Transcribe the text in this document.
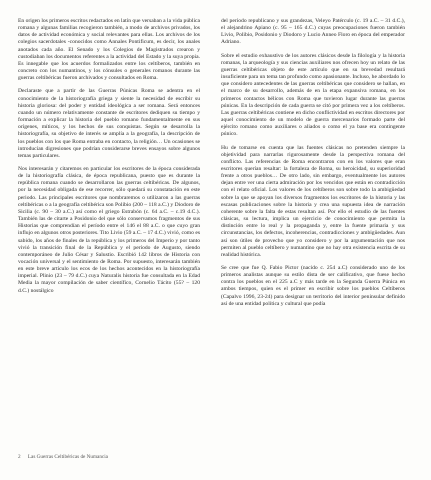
En origen los primeros escritos redactados en latín que versaban a la vida pública romana y algunas familias recogieron también, a modo de archivos privados, los datos de actividad económica y social relevantes para ellas. Los archivos de los colegios sacerdotales -conocidos como Annales Pontificum, es decir, los anales anotados cada año. El Senado y los Colegios de Magistrados crearon y custodiaban los documentos referentes a la actividad del Estado y la suya propia. Es innegable que los acuerdos formalizados entre los celtíberos, también en concreto con los numantinos, y los cónsules o generales romanos durante las guerras celtibéricas fueron archivados y consultados en Roma.

Declaraste que a partir de las Guerras Púnicas Roma se adentra en el conocimiento de la historiografía griega y siente la necesidad de escribir su historia gloriosa: del poder y entidad ideológica a ser romana. Será entonces cuando un número relativamente constante de escritores dediquen su tiempo y formación a explicar la historia del pueblo romano fundamentalmente en sus orígenes, míticos, y los hechos de sus conquistas. Según se desarrolla la historiografía, su objetivo de interés se amplía a la geografía, la descripción de los pueblos con los que Roma entraba en contacto, la religión… Un ocasiones se introducían digresiones que podrían considerarse breves ensayos sobre algunos temas particulares.

Nos interesarán y citaremos en particular los escritores de la época considerada de la historiografía clásica, de época republicana, puesto que es durante la república romana cuando se desarrollaron las guerras celtibéricas. De algunos, por la necesidad obligada de ese recorrer, sólo quedará su constatación en este periodo. Las principales escritores que nombraremos o utilizaron a las guerras celtibéricas o a la geografía celtibérica son Polibio (200 – 118 a.C.) y Diodoro de Sicilia (c. 90 – 30 a.C.) así como el griego Estrabón (c. 64 a.C. – c.19 d.C.). También las de citarte a Posidonio del que sólo conservamos fragmentos de sus Historias que comprendían el período entre el 146 el 88 a.C. o que cuyo gran influjo en algunos otros posteriores. Tito Livio (59 a.C. – 17 d.C.) vivió, como es sabido, los años de finales de la república y los primeros del Imperio y por tanto vivió la transición final de la República y el período de Augusto, siendo contemporáneo de Julio César y Salustio. Escribió 142 libros de Historia con vocación universal y el sentimiento de Roma. Por supuesto, interesarán también en este breve artículo los ecos de los hechos acontecidos en la historiografía imperial. Plinio (23 – 79 d.C.) cuya Naturalis historia fue consultada en la Edad Media la mayor compilación de saber científico, Cornelio Tácito (55? – 120 d.C.) nostálgico

del período republicano y sus grandezas, Veleyo Patérculo (c. 19 a.C. – 31 d.C.), el alejandrino Apiano (c. 95 – 165 d.C.) cuyas preocupaciones fueron también Livio, Polibio, Posidonio y Diodoro y Lucio Anneo Floro en época del emperador Adriano.

Sobre el estudio exhaustivo de los autores clásicos desde la filología y la historia romanas, la arqueología y sus ciencias auxiliares nos ofrecen hoy un relato de las guerras celtibéricas objeto de este artículo que en su brevedad resultará insuficiente para un tema tan profundo como apasionante. Incluso, he abordado lo que considero antecedentes de las guerras celtibéricas que considero se hallan, en el marco de su desarrollo, además de en la etapa expansiva romana, en los primeros contactos bélicos con Roma que tuvieron lugar durante las guerras púnicas. En la descripción de cada guerra se citó por primera vez a los celtíberos. Las guerras celtibéricas contiene en dicho conflictividad en escritos directores por aquel conocimiento de un modelo de guerra mercenarios formado parte del ejército romano como auxiliares o aliados o como el ya base era contingente púnico.

Hu de tomarse en cuenta que las fuentes clásicas no pretenden siempre la objetividad para narrarlas rigurosamente desde la perspectiva romana del conflicto. Las referencias de Roma encontraron con en los valores que eran escritores querían resaltar: la fortaleza de Roma, su heroicidad, su superioridad frente a otros pueblos… De otro lado, sin embargo, eventualmente los autores dejan entre ver una cierta admiración por los vencidos que están en contradicción con el relato oficial. Los valores de los celtíberos son sobre todo la ambigüedad sobre la que se apoyan los diversos fragmentos los escritores de la historia y las escasas publicaciones sobre la historia y crea una supuesta idea de narración coherente sobre la falta de estas resultan así. Por ello el estudio de las fuentes clásicas, su lectura, implica un ejercicio de conocimiento que permita la distinción entre lo real y la propaganda y, entre la fuente primaria y sus circunstancias, los defectos, incoherencias, contradicciones y ambigüedades. Aun así son útiles de provecho que yo considero y por la argumentación que nos permiten al pueblo celtíbero y numantino que no hay otra existencia escrita de su realidad histórica.

Se cree que fue Q. Fabio Pictor (nacido c. 254 a.C) considerado uno de los primeros analistas aunque su estilo dista de ser calificativo, que fuese hecho contra los pueblos en el 225 a.C y más tarde en la Segunda Guerra Púnica en ambos tiempos, quien es el primer en escribir sobre los pueblos Celtíberos (Capalvo 1996, 23-24) para designar un territorio del interior peninsular definido así de una entidad política y cultural que podía

2 Las Guerras Celtibéricas de Numancia
